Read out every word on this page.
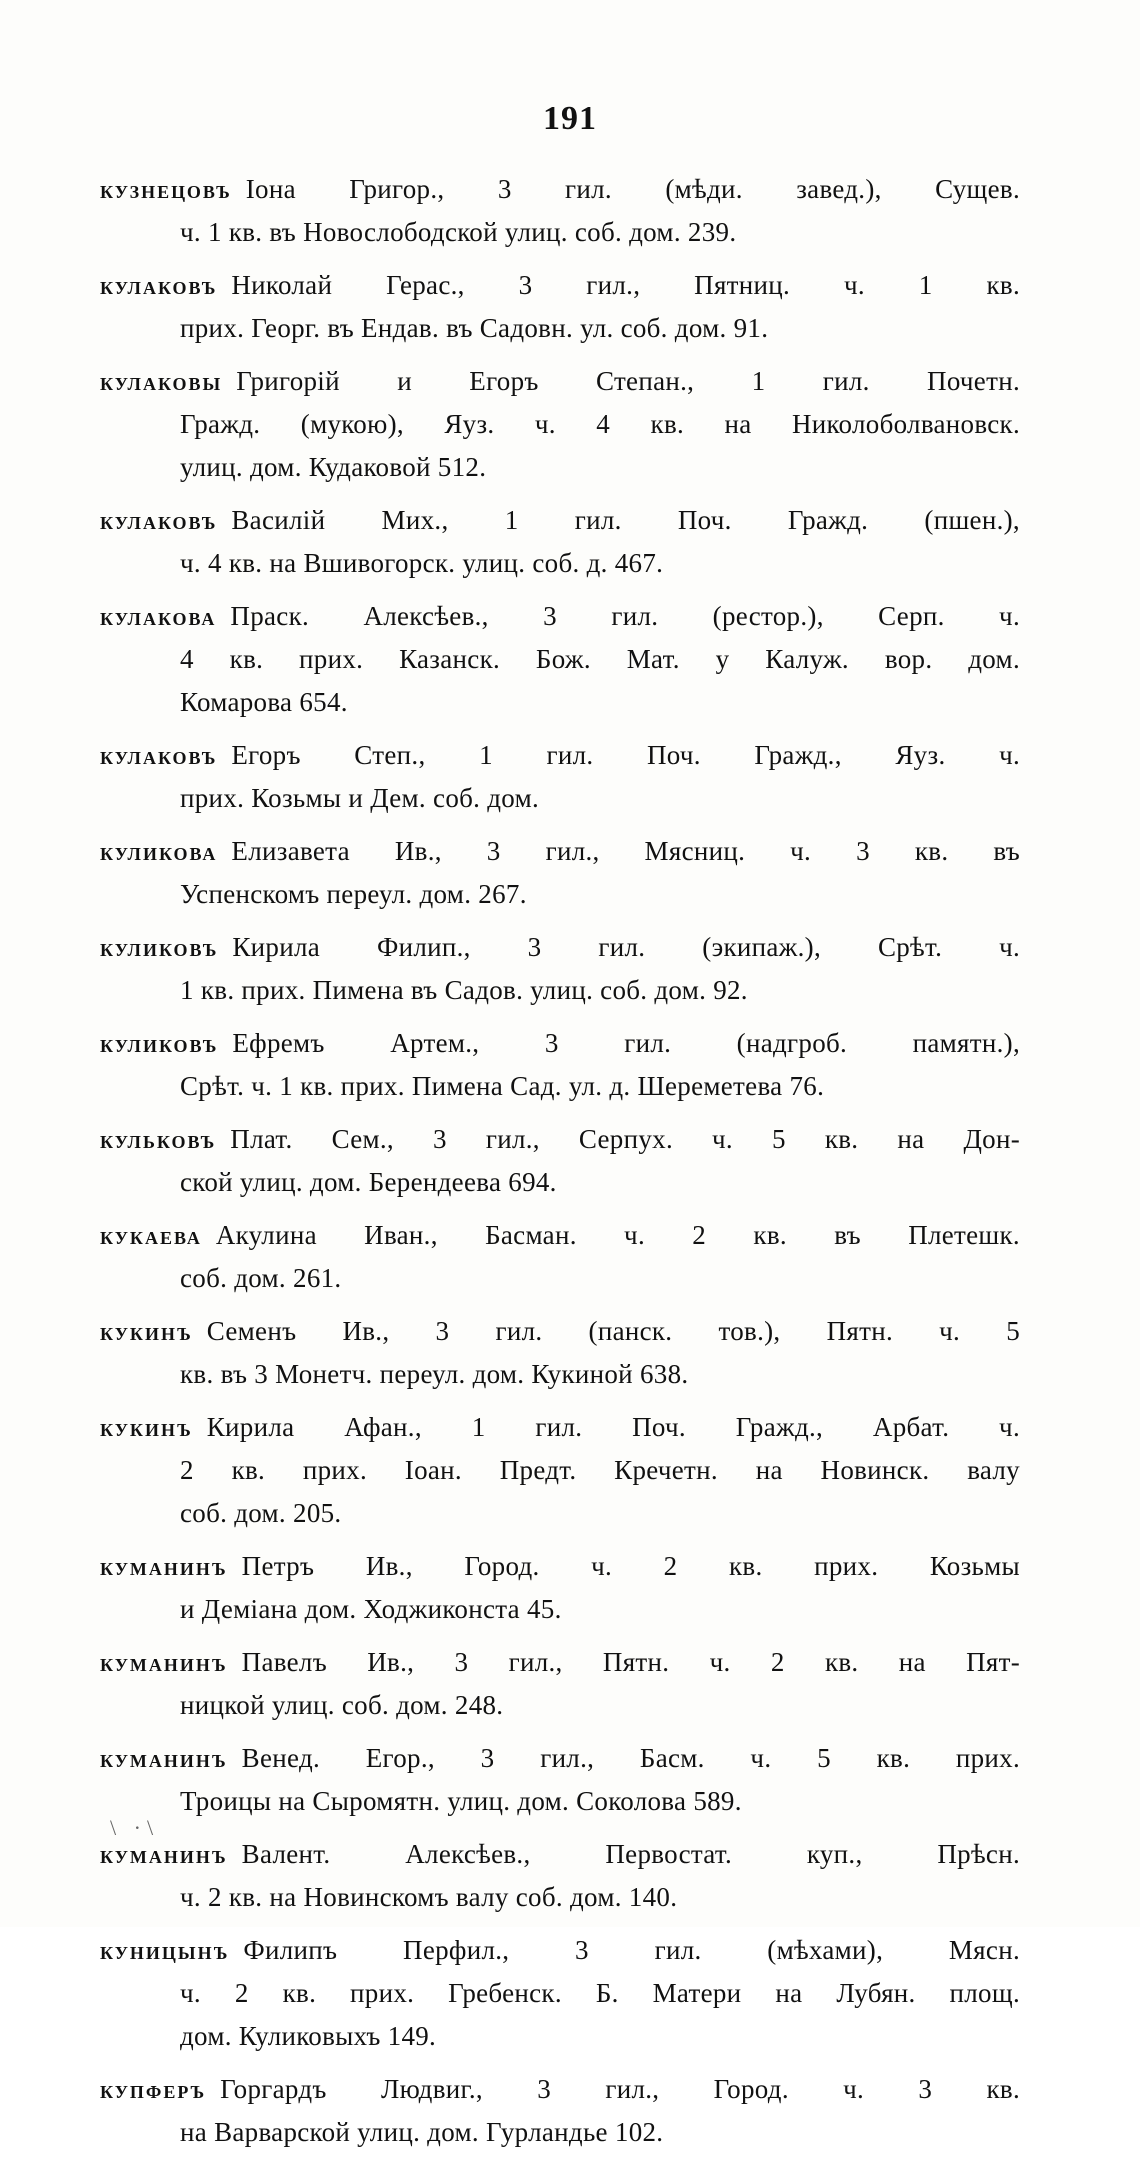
191
кузнецовъ Іона Григор., 3 гил. (мѣди. завед.), Сущев.
ч. 1 кв. въ Новослободской улиц. соб. дом. 239.
кулаковъ Николай Герас., 3 гил., Пятниц. ч. 1 кв.
прих. Георг. въ Ендав. въ Садовн. ул. соб. дом. 91.
кулаковы Григорій и Егоръ Степан., 1 гил. Почетн.
Гражд. (мукою), Яуз. ч. 4 кв. на Николоболвановск.
улиц. дом. Кудаковой 512.
кулаковъ Василій Мих., 1 гил. Поч. Гражд. (пшен.),
ч. 4 кв. на Вшивогорск. улиц. соб. д. 467.
кулакова Праск. Алексѣев., 3 гил. (рестор.), Серп. ч.
4 кв. прих. Казанск. Бож. Мат. у Калуж. вор. дом.
Комарова 654.
кулаковъ Егоръ Степ., 1 гил. Поч. Гражд., Яуз. ч.
прих. Козьмы и Дем. соб. дом.
куликова Елизавета Ив., 3 гил., Мясниц. ч. 3 кв. въ
Успенскомъ переул. дом. 267.
куликовъ Кирила Филип., 3 гил. (экипаж.), Срѣт. ч.
1 кв. прих. Пимена въ Садов. улиц. соб. дом. 92.
куликовъ Ефремъ Артем., 3 гил. (надгроб. памятн.),
Срѣт. ч. 1 кв. прих. Пимена Сад. ул. д. Шереметева 76.
кульковъ Плат. Сем., 3 гил., Серпух. ч. 5 кв. на Дон-
ской улиц. дом. Берендеева 694.
кукаева Акулина Иван., Басман. ч. 2 кв. въ Плетешк.
соб. дом. 261.
кукинъ Семенъ Ив., 3 гил. (панск. тов.), Пятн. ч. 5
кв. въ 3 Монетч. переул. дом. Кукиной 638.
кукинъ Кирила Афан., 1 гил. Поч. Гражд., Арбат. ч.
2 кв. прих. Іоан. Предт. Кречетн. на Новинск. валу
соб. дом. 205.
куманинъ Петръ Ив., Город. ч. 2 кв. прих. Козьмы
и Деміана дом. Ходжиконста 45.
куманинъ Павелъ Ив., 3 гил., Пятн. ч. 2 кв. на Пят-
ницкой улиц. соб. дом. 248.
куманинъ Венед. Егор., 3 гил., Басм. ч. 5 кв. прих.
Троицы на Сыромятн. улиц. дом. Соколова 589.
куманинъ Валент. Алексѣев., Первостат. куп., Прѣсн.
ч. 2 кв. на Новинскомъ валу соб. дом. 140.
куницынъ Филипъ Перфил., 3 гил. (мѣхами), Мясн.
ч. 2 кв. прих. Гребенск. Б. Матери на Лубян. площ.
дом. Куликовыхъ 149.
купферъ Горгардъ Людвиг., 3 гил., Город. ч. 3 кв.
на Варварской улиц. дом. Гурландье 102.
\ ·\
